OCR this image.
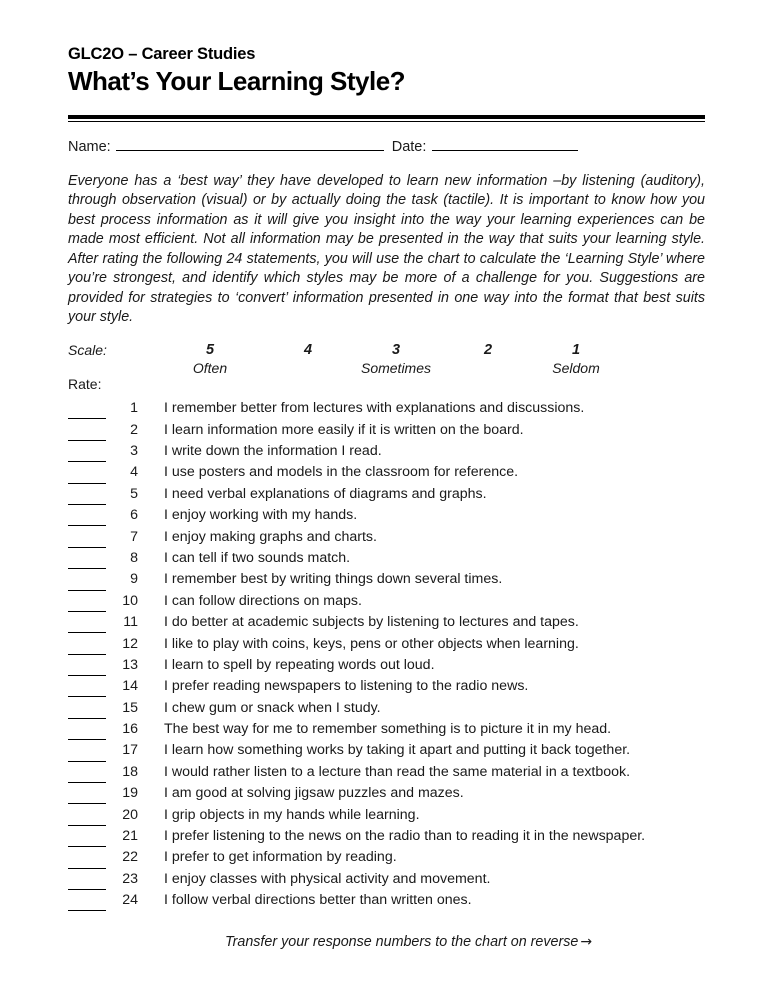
GLC2O – Career Studies
What’s Your Learning Style?
Name:	Date:

Everyone has a ‘best way’ they have developed to learn new information –by listening (auditory), through observation (visual) or by actually doing the task (tactile). It is important to know how you best process information as it will give you insight into the way your learning experiences can be made most efficient. Not all information may be presented in the way that suits your learning style. After rating the following 24 statements, you will use the chart to calculate the ‘Learning Style’ where you’re strongest, and identify which styles may be more of a challenge for you. Suggestions are provided for strategies to ‘convert’ information presented in one way into the format that best suits your style.

Scale:	5
Often
4	3
Sometimes
2	1
Seldom
Rate:
1	I remember better from lectures with explanations and discussions.
2	I learn information more easily if it is written on the board.
3	I write down the information I read.
4	I use posters and models in the classroom for reference.
5	I need verbal explanations of diagrams and graphs.
6	I enjoy working with my hands.
7	I enjoy making graphs and charts.
8	I can tell if two sounds match.
9	I remember best by writing things down several times.
10	I can follow directions on maps.
11	I do better at academic subjects by listening to lectures and tapes.
12	I like to play with coins, keys, pens or other objects when learning.
13	I learn to spell by repeating words out loud.
14	I prefer reading newspapers to listening to the radio news.
15	I chew gum or snack when I study.
16	The best way for me to remember something is to picture it in my head.
17	I learn how something works by taking it apart and putting it back together.
18	I would rather listen to a lecture than read the same material in a textbook.
19	I am good at solving jigsaw puzzles and mazes.
20	I grip objects in my hands while learning.
21	I prefer listening to the news on the radio than to reading it in the newspaper.
22	I prefer to get information by reading.
23	I enjoy classes with physical activity and movement.
24	I follow verbal directions better than written ones.
Transfer your response numbers to the chart on reverse →
